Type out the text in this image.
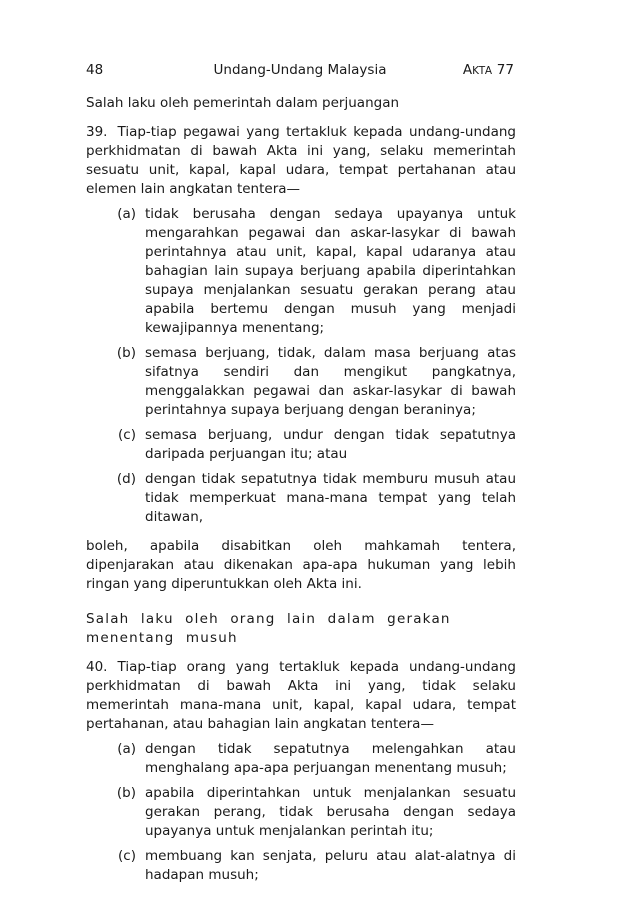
48	Undang-Undang Malaysia	AKTA 77

Salah laku oleh pemerintah dalam perjuangan

39. Tiap-tiap pegawai yang tertakluk kepada undang-undang perkhidmatan di bawah Akta ini yang, selaku memerintah sesuatu unit, kapal, kapal udara, tempat pertahanan atau elemen lain angkatan tentera—

(a) tidak berusaha dengan sedaya upayanya untuk mengarahkan pegawai dan askar-lasykar di bawah perintahnya atau unit, kapal, kapal udaranya atau bahagian lain supaya berjuang apabila diperintahkan supaya menjalankan sesuatu gerakan perang atau apabila bertemu dengan musuh yang menjadi kewajipannya menentang;
(b) semasa berjuang, tidak, dalam masa berjuang atas sifatnya sendiri dan mengikut pangkatnya, menggalakkan pegawai dan askar-lasykar di bawah perintahnya supaya berjuang dengan beraninya;
(c) semasa berjuang, undur dengan tidak sepatutnya daripada perjuangan itu; atau
(d) dengan tidak sepatutnya tidak memburu musuh atau tidak memperkuat mana-mana tempat yang telah ditawan,

boleh, apabila disabitkan oleh mahkamah tentera, dipenjarakan atau dikenakan apa-apa hukuman yang lebih ringan yang diperuntukkan oleh Akta ini.

Salah laku oleh orang lain dalam gerakan menentang musuh

40. Tiap-tiap orang yang tertakluk kepada undang-undang perkhidmatan di bawah Akta ini yang, tidak selaku memerintah mana-mana unit, kapal, kapal udara, tempat pertahanan, atau bahagian lain angkatan tentera—

(a) dengan tidak sepatutnya melengahkan atau menghalang apa-apa perjuangan menentang musuh;
(b) apabila diperintahkan untuk menjalankan sesuatu gerakan perang, tidak berusaha dengan sedaya upayanya untuk menjalankan perintah itu;
(c) membuang kan senjata, peluru atau alat-alatnya di hadapan musuh;
